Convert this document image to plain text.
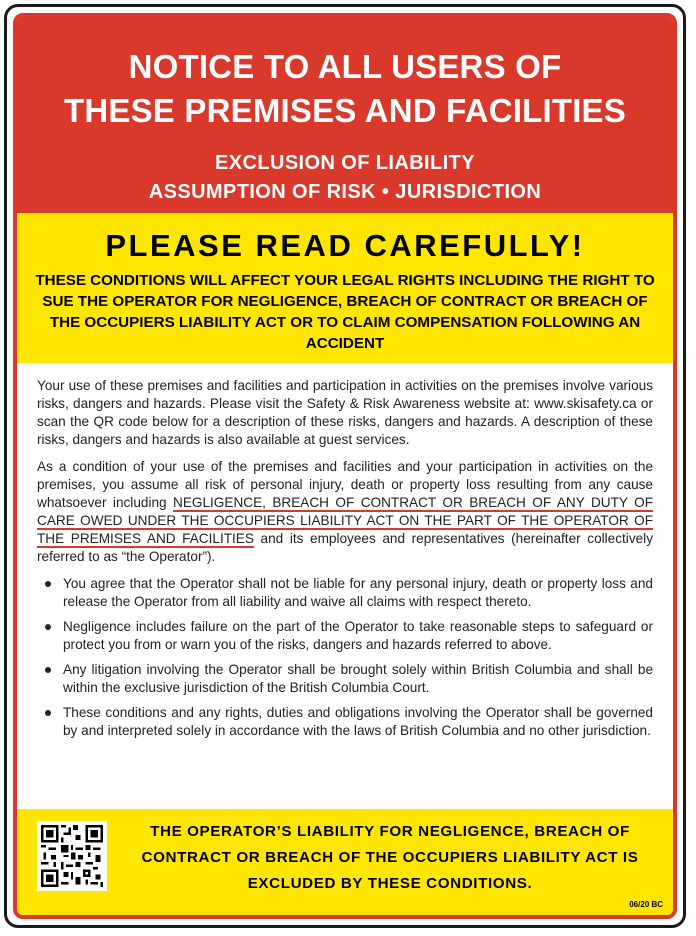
NOTICE TO ALL USERS OF
THESE PREMISES AND FACILITIES
EXCLUSION OF LIABILITY
ASSUMPTION OF RISK • JURISDICTION
PLEASE READ CAREFULLY!
THESE CONDITIONS WILL AFFECT YOUR LEGAL RIGHTS INCLUDING THE RIGHT TO SUE THE OPERATOR FOR NEGLIGENCE, BREACH OF CONTRACT OR BREACH OF THE OCCUPIERS LIABILITY ACT OR TO CLAIM COMPENSATION FOLLOWING AN ACCIDENT

Your use of these premises and facilities and participation in activities on the premises involve various risks, dangers and hazards. Please visit the Safety & Risk Awareness website at: www.skisafety.ca or scan the QR code below for a description of these risks, dangers and hazards. A description of these risks, dangers and hazards is also available at guest services.

As a condition of your use of the premises and facilities and your participation in activities on the premises, you assume all risk of personal injury, death or property loss resulting from any cause whatsoever including NEGLIGENCE, BREACH OF CONTRACT OR BREACH OF ANY DUTY OF CARE OWED UNDER THE OCCUPIERS LIABILITY ACT ON THE PART OF THE OPERATOR OF THE PREMISES AND FACILITIES and its employees and representatives (hereinafter collectively referred to as “the Operator”).

You agree that the Operator shall not be liable for any personal injury, death or property loss and release the Operator from all liability and waive all claims with respect thereto.
Negligence includes failure on the part of the Operator to take reasonable steps to safeguard or protect you from or warn you of the risks, dangers and hazards referred to above.
Any litigation involving the Operator shall be brought solely within British Columbia and shall be within the exclusive jurisdiction of the British Columbia Court.
These conditions and any rights, duties and obligations involving the Operator shall be governed by and interpreted solely in accordance with the laws of British Columbia and no other jurisdiction.
THE OPERATOR’S LIABILITY FOR NEGLIGENCE, BREACH OF CONTRACT OR BREACH OF THE OCCUPIERS LIABILITY ACT IS EXCLUDED BY THESE CONDITIONS.
06/20 BC
